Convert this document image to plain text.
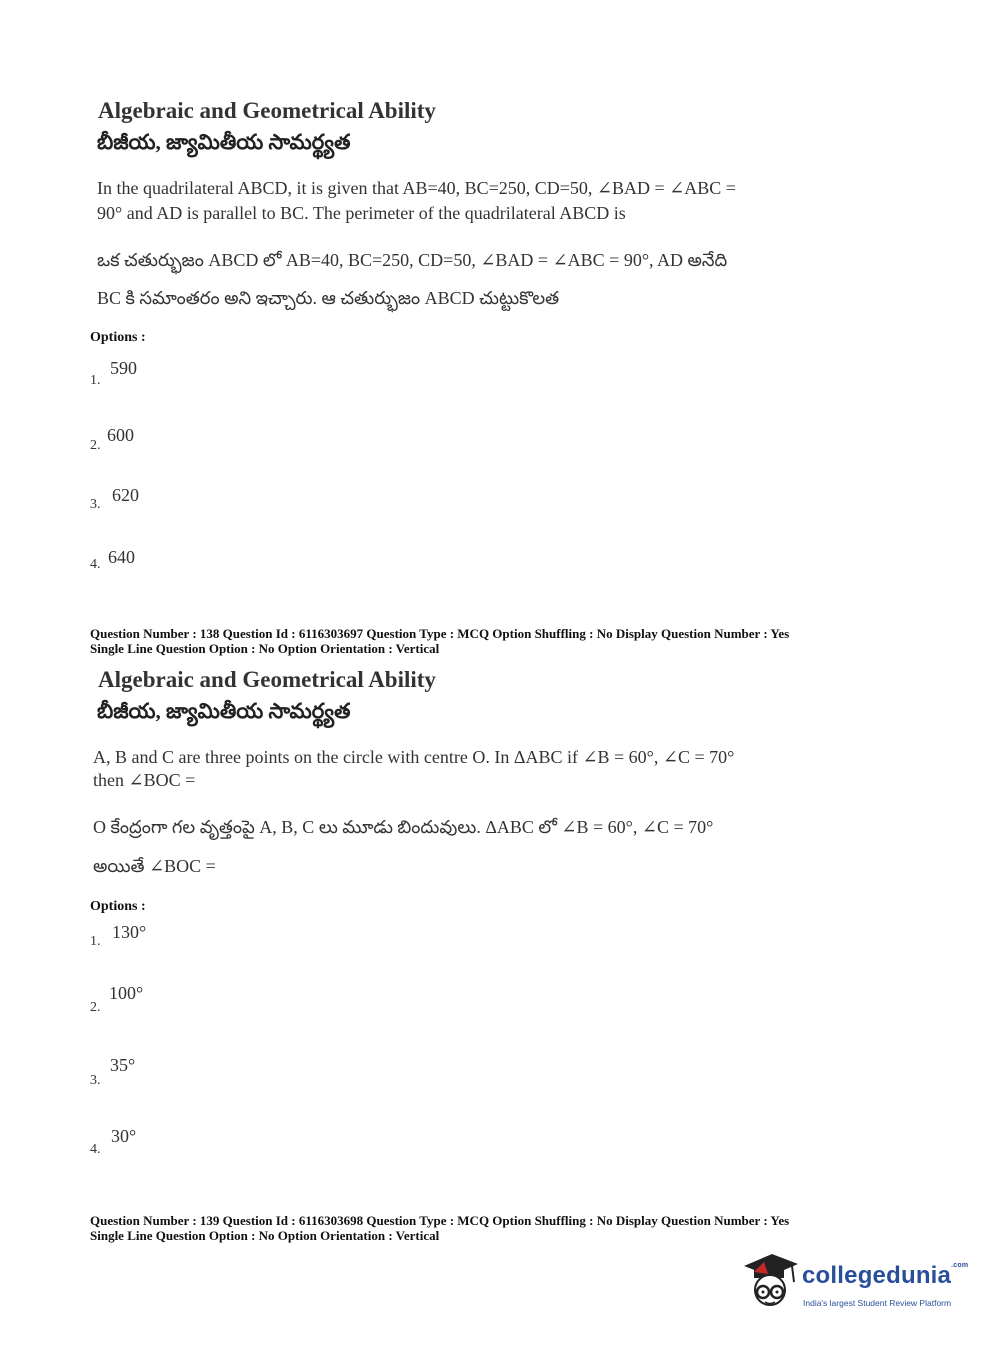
Algebraic and Geometrical Ability
బీజీయ, జ్యామితీయ సామర్థ్యత
In the quadrilateral ABCD, it is given that AB=40, BC=250, CD=50, ∠BAD = ∠ABC =
90° and AD is parallel to BC. The perimeter of the quadrilateral ABCD is
ఒక చతుర్భుజం ABCD లో AB=40, BC=250, CD=50, ∠BAD = ∠ABC = 90°, AD అనేది
BC కి సమాంతరం అని ఇచ్చారు. ఆ చతుర్భుజం ABCD చుట్టుకొలత
Options :
1.
590
2.
600
3. 620
4. 640
Question Number : 138 Question Id : 6116303697 Question Type : MCQ Option Shuffling : No Display Question Number : Yes
Single Line Question Option : No Option Orientation : Vertical
Algebraic and Geometrical Ability
బీజీయ, జ్యామితీయ సామర్థ్యత
A, B and C are three points on the circle with centre O. In ΔABC if ∠B = 60°, ∠C = 70°
then ∠BOC =
O కేంద్రంగా గల వృత్తంపై A, B, C లు మూడు బిందువులు. ΔABC లో ∠B = 60°, ∠C = 70°
అయితే ∠BOC =
Options :
1. 130°
2.
100°
3.
35°
4.
30°
Question Number : 139 Question Id : 6116303698 Question Type : MCQ Option Shuffling : No Display Question Number : Yes
Single Line Question Option : No Option Orientation : Vertical
collegedunia$^{.com}$
India's largest Student Review Platform
